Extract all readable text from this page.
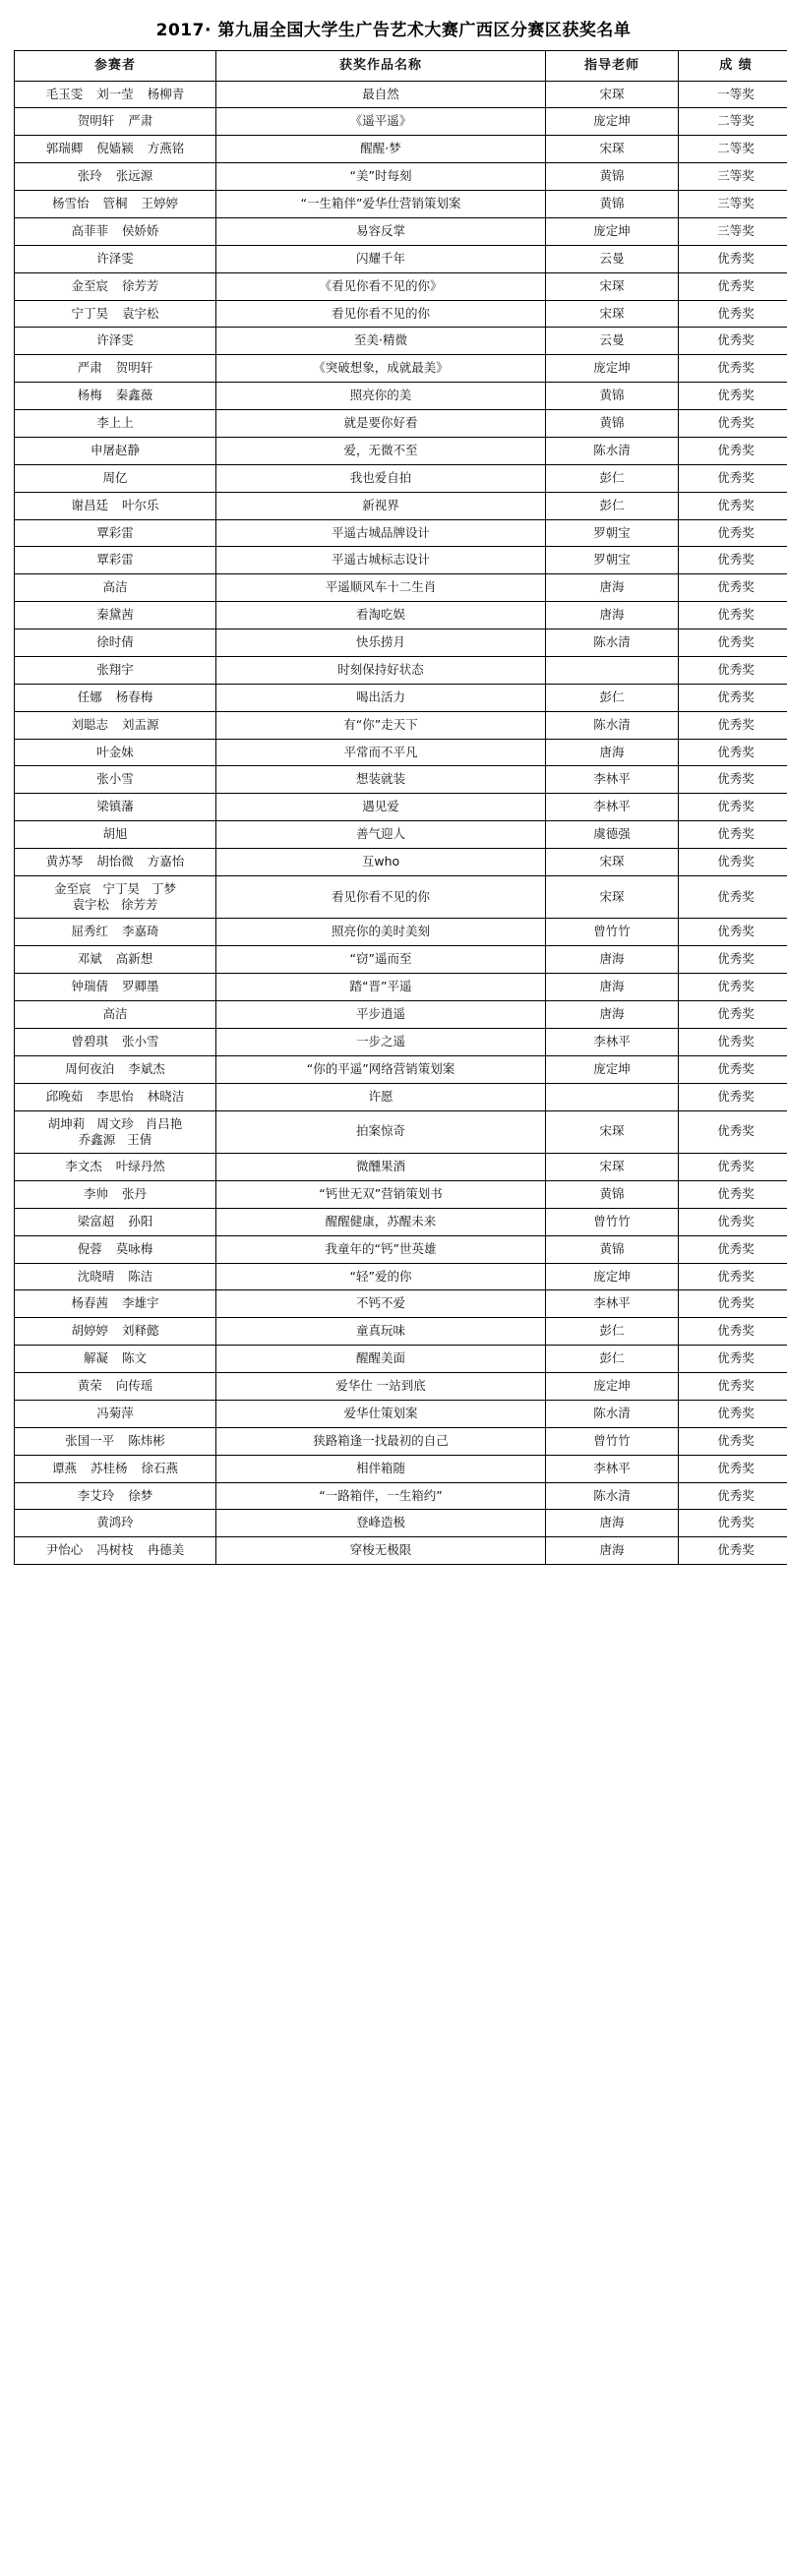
2017· 第九届全国大学生广告艺术大赛广西区分赛区获奖名单
参赛者	获奖作品名称	指导老师	成 绩

毛玉雯 刘一莹 杨柳青	最自然	宋琛	一等奖

贺明轩 严肃	《遥平遥》	庞定坤	二等奖

郭瑞卿 倪嫱颍 方燕铭	醒醒·梦	宋琛	二等奖

张玲 张远源	“美”时每刻	黄锦	三等奖

杨雪怡 管桐 王婷婷	“一生箱伴”爱华仕营销策划案	黄锦	三等奖

高菲菲 侯娇娇	易容反掌	庞定坤	三等奖

许泽雯	闪耀千年	云曼	优秀奖

金至宸 徐芳芳	《看见你看不见的你》	宋琛	优秀奖

宁丁昊 袁宇松	看见你看不见的你	宋琛	优秀奖

许泽雯	至美·精微	云曼	优秀奖

严肃 贺明轩	《突破想象，成就最美》	庞定坤	优秀奖

杨梅 秦鑫薇	照亮你的美	黄锦	优秀奖

李上上	就是要你好看	黄锦	优秀奖

申屠赵静	爱，无微不至	陈水清	优秀奖

周亿	我也爱自拍	彭仁	优秀奖

谢昌廷 叶尔乐	新视界	彭仁	优秀奖

覃彩雷	平遥古城品牌设计	罗朝宝	优秀奖

覃彩雷	平遥古城标志设计	罗朝宝	优秀奖

高洁	平遥顺风车十二生肖	唐海	优秀奖

秦黛茜	看淘吃娱	唐海	优秀奖

徐时倩	快乐捞月	陈水清	优秀奖

张翔宇	时刻保持好状态		优秀奖

任娜 杨春梅	喝出活力	彭仁	优秀奖

刘聪志 刘盂源	有“你”走天下	陈水清	优秀奖

叶金妹	平常而不平凡	唐海	优秀奖

张小雪	想装就装	李林平	优秀奖

梁镇藩	遇见爱	李林平	优秀奖

胡旭	善气迎人	虞德强	优秀奖

黄苏琴 胡怡微 方嘉怡	互who	宋琛	优秀奖

金至宸 宁丁昊 丁梦
袁宇松 徐芳芳	看见你看不见的你	宋琛	优秀奖

屈秀红 李嘉琦	照亮你的美时美刻	曾竹竹	优秀奖

邓斌 高新想	“窃”遥而至	唐海	优秀奖

钟瑞倩 罗卿墨	踏“晋”平遥	唐海	优秀奖

高洁	平步逍遥	唐海	优秀奖

曾碧琪 张小雪	一步之遥	李林平	优秀奖

周何夜泊 李斌杰	“你的平遥”网络营销策划案	庞定坤	优秀奖

邱晚茹 李思怡 林晓洁	许愿		优秀奖

胡坤莉 周文珍 肖吕艳
乔鑫源 王倩	拍案惊奇	宋琛	优秀奖

李文杰 叶绿丹然	微醺果酒	宋琛	优秀奖

李帅 张丹	“钙世无双”营销策划书	黄锦	优秀奖

梁富超 孙阳	醒醒健康，苏醒未来	曾竹竹	优秀奖

倪蓉 莫咏梅	我童年的“钙”世英雄	黄锦	优秀奖

沈晓晴 陈洁	“轻”爱的你	庞定坤	优秀奖

杨春茜 李雄宇	不钙不爱	李林平	优秀奖

胡婷婷 刘释懿	童真玩味	彭仁	优秀奖

解凝 陈文	醒醒美面	彭仁	优秀奖

黄荣 向传瑶	爱华仕 一站到底	庞定坤	优秀奖

冯菊萍	爱华仕策划案	陈水清	优秀奖

张国一平 陈炜彬	狭路箱逢一找最初的自己	曾竹竹	优秀奖

谭燕 苏桂杨 徐石燕	相伴箱随	李林平	优秀奖

李艾玲 徐梦	“一路箱伴，一生箱约”	陈水清	优秀奖

黄鸿玲	登峰造极	唐海	优秀奖

尹怡心 冯树枝 冉德美	穿梭无极限	唐海	优秀奖
